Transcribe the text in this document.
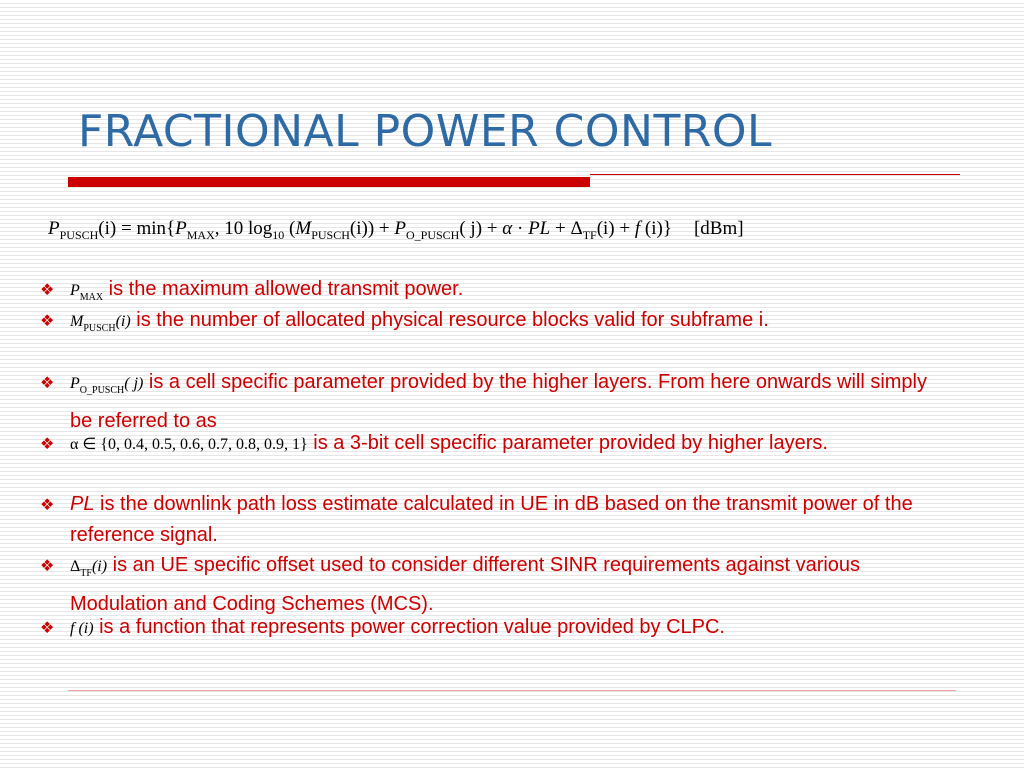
FRACTIONAL POWER CONTROL
$P_{PUSCH}(i) = \min\{P_{MAX}$, 10 $\log_{10} (M_{PUSCH}(i)) + P_{O\_PUSCH}$( j) + α · PL + $\Delta_{TF}(i) + f$ (i)} [dBm]
❖ $P_{MAX}$ is the maximum allowed transmit power.
❖ $M_{PUSCH}(i)$ is the number of allocated physical resource blocks valid for subframe i.
❖ $P_{O\_PUSCH}$( j) is a cell specific parameter provided by the higher layers. From here onwards will simply be referred to as
❖ α ∈ {0, 0.4, 0.5, 0.6, 0.7, 0.8, 0.9, 1} is a 3-bit cell specific parameter provided by higher layers.
❖ PL is the downlink path loss estimate calculated in UE in dB based on the transmit power of the reference signal.
❖ $\Delta_{TF}(i)$ is an UE specific offset used to consider different SINR requirements against various Modulation and Coding Schemes (MCS).
❖ f (i) is a function that represents power correction value provided by CLPC.
